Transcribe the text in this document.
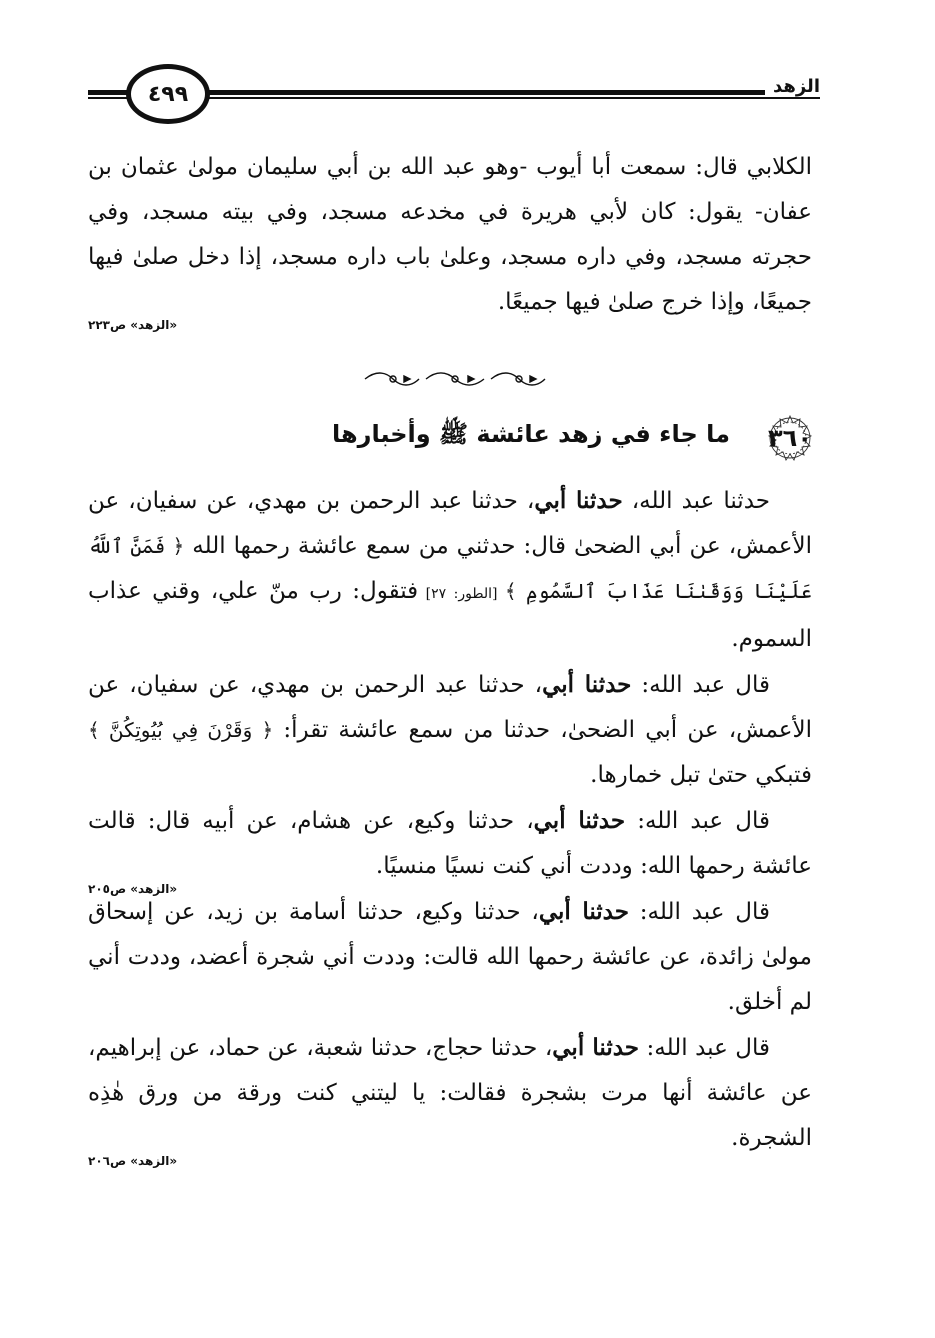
الزهد
٤٩٩

الكلابي قال: سمعت أبا أيوب -وهو عبد الله بن أبي سليمان مولىٰ عثمان بن عفان- يقول: كان لأبي هريرة في مخدعه مسجد، وفي بيته مسجد، وفي حجرته مسجد، وفي داره مسجد، وعلىٰ باب داره مسجد، إذا دخل صلىٰ فيها جميعًا، وإذا خرج صلىٰ فيها جميعًا.

«الزهد» ص٢٢٣
٣٦٠
ما جاء في زهد عائشة ﷺ وأخبارها

حدثنا عبد الله، حدثنا أبي، حدثنا عبد الرحمن بن مهدي، عن سفيان، عن الأعمش، عن أبي الضحىٰ قال: حدثني من سمع عائشة رحمها الله ﴿ فَمَنَّ ٱللَّهُ عَلَيْنَا وَوَقَىٰنَا عَذَابَ ٱلسَّمُومِ ﴾ [الطور: ٢٧] فتقول: رب منّ علي، وقني عذاب السموم.

قال عبد الله: حدثنا أبي، حدثنا عبد الرحمن بن مهدي، عن سفيان، عن الأعمش، عن أبي الضحىٰ، حدثنا من سمع عائشة تقرأ: ﴿ وَقَرْنَ فِي بُيُوتِكُنَّ ﴾ فتبكي حتىٰ تبل خمارها.

قال عبد الله: حدثنا أبي، حدثنا وكيع، عن هشام، عن أبيه قال: قالت عائشة رحمها الله: وددت أني كنت نسيًا منسيًا.

«الزهد» ص٢٠٥

قال عبد الله: حدثنا أبي، حدثنا وكيع، حدثنا أسامة بن زيد، عن إسحاق مولىٰ زائدة، عن عائشة رحمها الله قالت: وددت أني شجرة أعضد، وددت أني لم أخلق.

قال عبد الله: حدثنا أبي، حدثنا حجاج، حدثنا شعبة، عن حماد، عن إبراهيم، عن عائشة أنها مرت بشجرة فقالت: يا ليتني كنت ورقة من ورق هٰذِه الشجرة.

«الزهد» ص٢٠٦
